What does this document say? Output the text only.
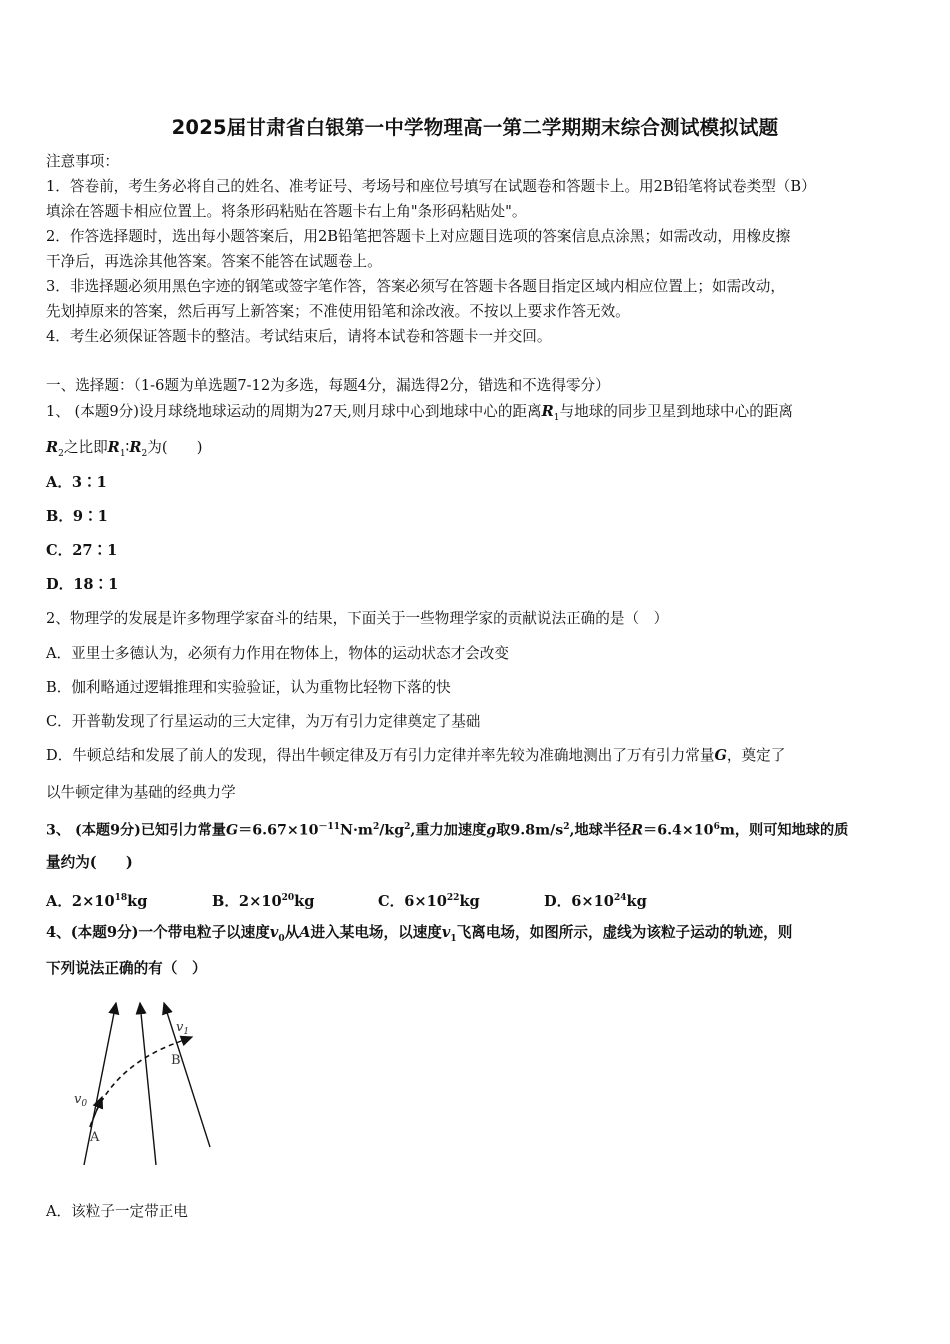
2025届甘肃省白银第一中学物理高一第二学期期末综合测试模拟试题
注意事项：
1．答卷前，考生务必将自己的姓名、准考证号、考场号和座位号填写在试题卷和答题卡上。用2B铅笔将试卷类型（B）
填涂在答题卡相应位置上。将条形码粘贴在答题卡右上角"条形码粘贴处"。
2．作答选择题时，选出每小题答案后，用2B铅笔把答题卡上对应题目选项的答案信息点涂黑；如需改动，用橡皮擦
干净后，再选涂其他答案。答案不能答在试题卷上。
3．非选择题必须用黑色字迹的钢笔或签字笔作答，答案必须写在答题卡各题目指定区域内相应位置上；如需改动，
先划掉原来的答案，然后再写上新答案；不准使用铅笔和涂改液。不按以上要求作答无效。
4．考生必须保证答题卡的整洁。考试结束后，请将本试卷和答题卡一并交回。
一、选择题：（1-6题为单选题7-12为多选，每题4分，漏选得2分，错选和不选得零分）
1、 (本题9分)设月球绕地球运动的周期为27天,则月球中心到地球中心的距离$R_1$与地球的同步卫星到地球中心的距离
$R_2$之比即$R_1∶R_2$为(　　)
A．3∶1
B．9∶1
C．27∶1
D．18∶1
2、物理学的发展是许多物理学家奋斗的结果，下面关于一些物理学家的贡献说法正确的是（　）
A．亚里士多德认为，必须有力作用在物体上，物体的运动状态才会改变
B．伽利略通过逻辑推理和实验验证，认为重物比轻物下落的快
C．开普勒发现了行星运动的三大定律，为万有引力定律奠定了基础
D．牛顿总结和发展了前人的发现，得出牛顿定律及万有引力定律并率先较为准确地测出了万有引力常量G，奠定了
以牛顿定律为基础的经典力学
3、 (本题9分)已知引力常量$G=6.67\times 10^{-11}N\cdot m^2/kg^2$,重力加速度g取$9.8m/s^2$,地球半径$R=6.4\times 10^6m$，则可知地球的质
量约为(　　)
A．$2\times 10^{18}kg$	B．$2\times 10^{20}kg$	C．$6\times 10^{22}kg$	D．$6\times 10^{24}kg$
4、(本题9分)一个带电粒子以速度$v_0$从A进入某电场，以速度$v_1$飞离电场，如图所示，虚线为该粒子运动的轨迹，则
下列说法正确的有（　）
$v_0$
$v_1$
A
B
A．该粒子一定带正电
